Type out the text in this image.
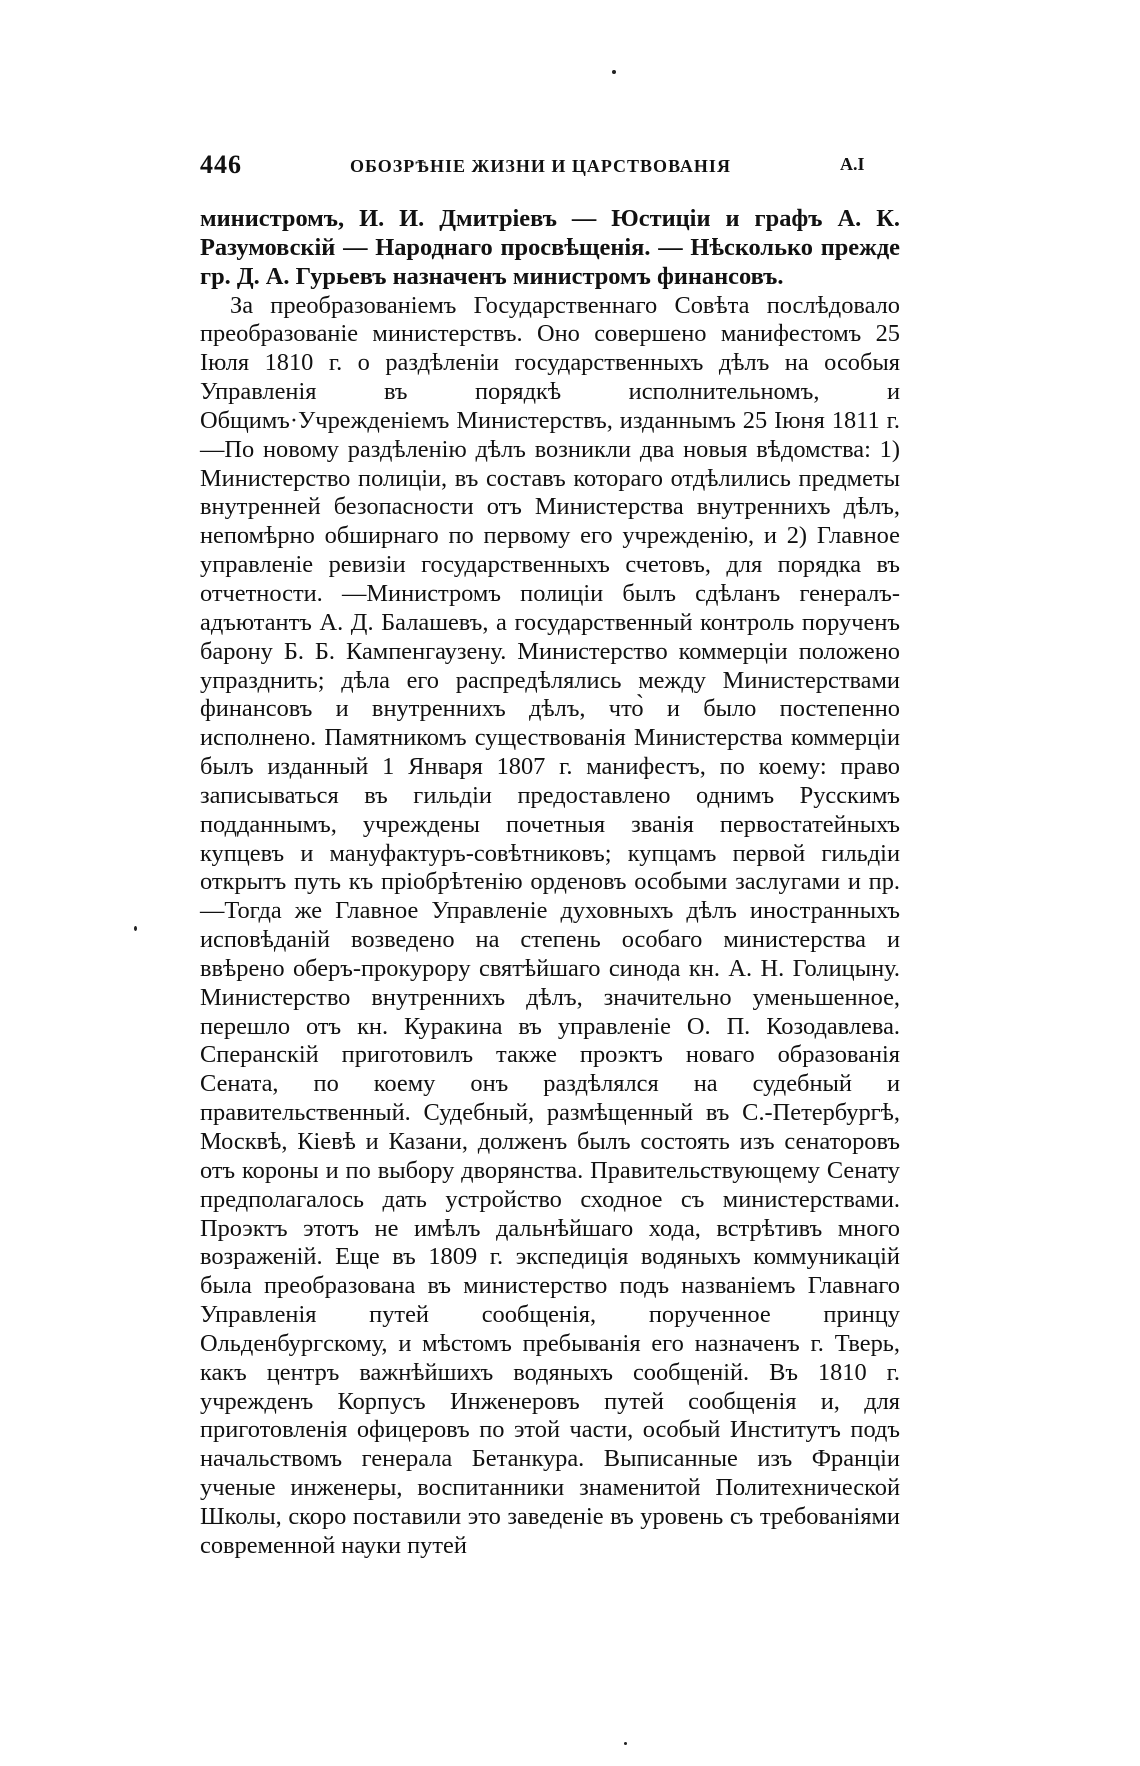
446	ОБОЗРѢНІЕ ЖИЗНИ И ЦАРСТВОВАНІЯ	А.І

министромъ, И. И. Дмитріевъ — Юстиціи и графъ А. К. Разумовскій — Народнаго просвѣщенія. — Нѣсколько прежде гр. Д. А. Гурьевъ назначенъ министромъ финансовъ.

За преобразованіемъ Государственнаго Совѣта послѣдовало преобразованіе министерствъ. Оно совершено манифестомъ 25 Іюля 1810 г. о раздѣленіи государственныхъ дѣлъ на особыя Управленія въ порядкѣ исполнительномъ, и Общимъ·Учрежденіемъ Министерствъ, изданнымъ 25 Іюня 1811 г. —По новому раздѣленію дѣлъ возникли два новыя вѣдомства: 1) Министерство полиціи, въ составъ котораго отдѣлились предметы внутренней безопасности отъ Министерства внутреннихъ дѣлъ, непомѣрно обширнаго по первому его учрежденію, и 2) Главное управленіе ревизіи государственныхъ счетовъ, для порядка въ отчетности. —Министромъ полиціи былъ сдѣланъ генералъ-адъютантъ А. Д. Балашевъ, а государственный контроль порученъ барону Б. Б. Кампенгаузену. Министерство коммерціи положено упразднить; дѣла его распредѣлялись между Министерствами финансовъ и внутреннихъ дѣлъ, что̀ и было постепенно исполнено. Памятникомъ существованія Министерства коммерціи былъ изданный 1 Января 1807 г. манифестъ, по коему: право записываться въ гильдіи предоставлено однимъ Русскимъ подданнымъ, учреждены почетныя званія первостатейныхъ купцевъ и мануфактуръ-совѣтниковъ; купцамъ первой гильдіи открытъ путь къ пріобрѣтенію орденовъ особыми заслугами и пр. —Тогда же Главное Управленіе духовныхъ дѣлъ иностранныхъ исповѣданій возведено на степень особаго министерства и ввѣрено оберъ-прокурору святѣйшаго синода кн. А. Н. Голицыну. Министерство внутреннихъ дѣлъ, значительно уменьшенное, перешло отъ кн. Куракина въ управленіе О. П. Козодавлева. Сперанскій приготовилъ также проэктъ новаго образованія Сената, по коему онъ раздѣлялся на судебный и правительственный. Судебный, размѣщенный въ С.-Петербургѣ, Москвѣ, Кіевѣ и Казани, долженъ былъ состоять изъ сенаторовъ отъ короны и по выбору дворянства. Правительствующему Сенату предполагалось дать устройство сходное съ министерствами. Проэктъ этотъ не имѣлъ дальнѣйшаго хода, встрѣтивъ много возраженій. Еще въ 1809 г. экспедиція водяныхъ коммуникацій была преобразована въ министерство подъ названіемъ Главнаго Управленія путей сообщенія, порученное принцу Ольденбургскому, и мѣстомъ пребыванія его назначенъ г. Тверь, какъ центръ важнѣйшихъ водяныхъ сообщеній. Въ 1810 г. учрежденъ Корпусъ Инженеровъ путей сообщенія и, для приготовленія офицеровъ по этой части, особый Институтъ подъ начальствомъ генерала Бетанкура. Выписанные изъ Франціи ученые инженеры, воспитанники знаменитой Политехнической Школы, скоро поставили это заведеніе въ уровень съ требованіями современной науки путей
